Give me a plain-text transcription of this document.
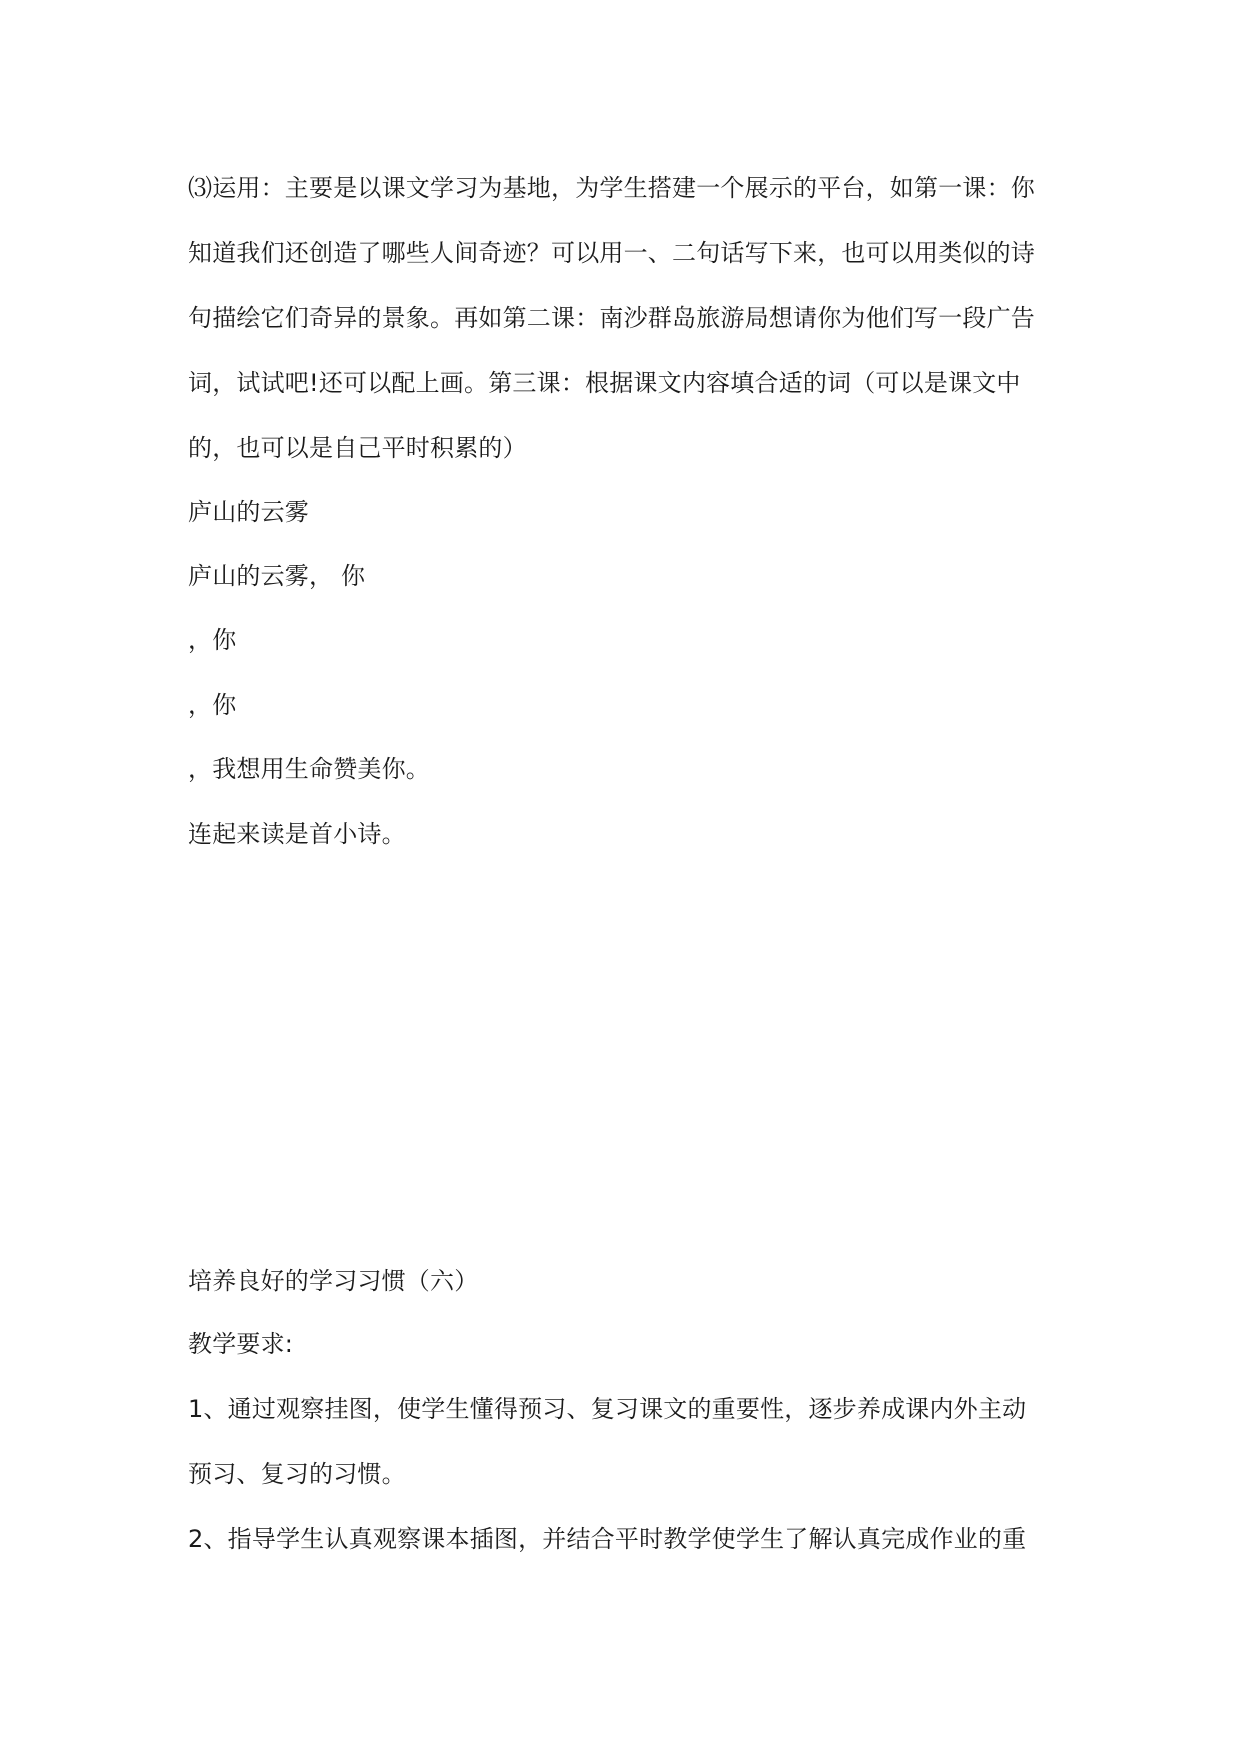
⑶运用：主要是以课文学习为基地，为学生搭建一个展示的平台，如第一课：你
知道我们还创造了哪些人间奇迹？可以用一、二句话写下来，也可以用类似的诗
句描绘它们奇异的景象。再如第二课：南沙群岛旅游局想请你为他们写一段广告
词，试试吧!还可以配上画。第三课：根据课文内容填合适的词（可以是课文中
的，也可以是自己平时积累的）
庐山的云雾
庐山的云雾， 你
，你
，你
，我想用生命赞美你。
连起来读是首小诗。
培养良好的学习习惯（六）
教学要求:
1、通过观察挂图，使学生懂得预习、复习课文的重要性，逐步养成课内外主动
预习、复习的习惯。
2、指导学生认真观察课本插图，并结合平时教学使学生了解认真完成作业的重
